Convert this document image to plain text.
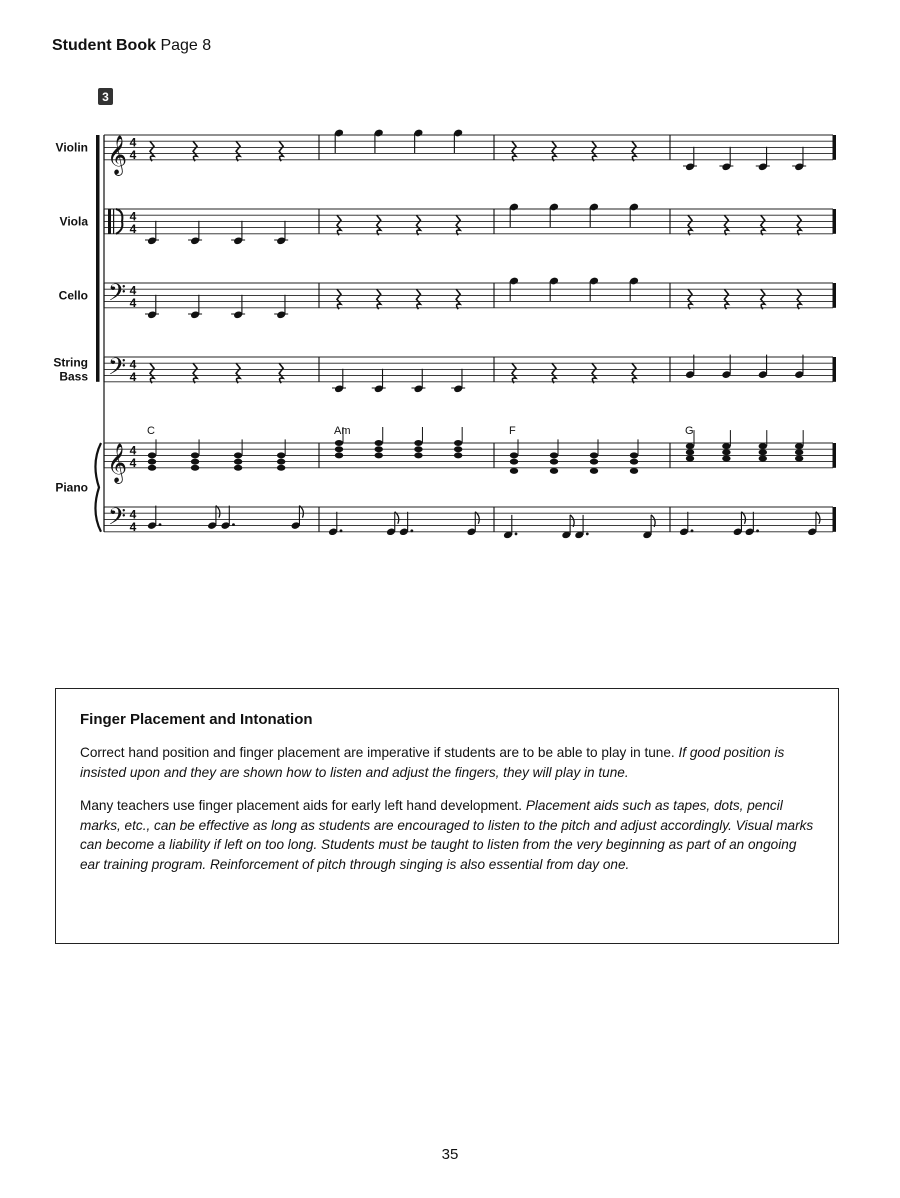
Student Book Page 8
3
𝄞 4
4
Violin
4
4
Viola
𝄢 4
4
Cello
𝄢 4
4
String
Bass
𝄞 4
4
𝄢 4
4
Piano
C	Am	F	G
Finger Placement and Intonation

Correct hand position and finger placement are imperative if students are to be able to play in tune. If good position is insisted upon and they are shown how to listen and adjust the fingers, they will play in tune.

Many teachers use finger placement aids for early left hand development. Placement aids such as tapes, dots, pencil marks, etc., can be effective as long as students are encouraged to listen to the pitch and adjust accordingly. Visual marks can become a liability if left on too long. Students must be taught to listen from the very beginning as part of an ongoing ear training program. Reinforcement of pitch through singing is also essential from day one.

35
